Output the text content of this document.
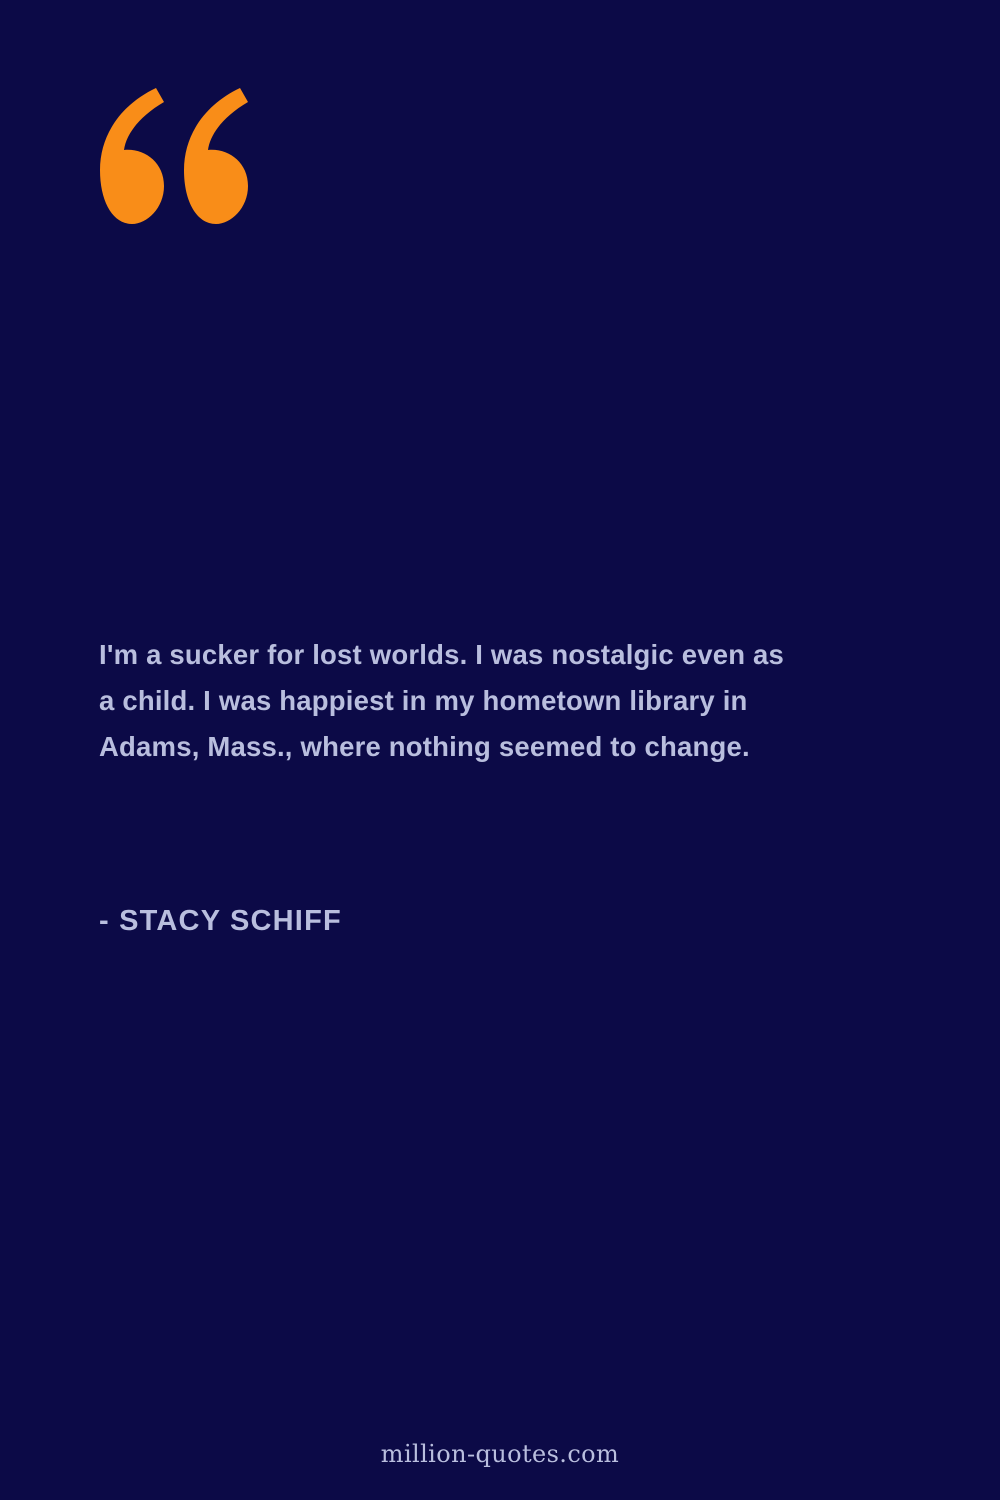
I'm a sucker for lost worlds. I was nostalgic even as a child. I was happiest in my hometown library in Adams, Mass., where nothing seemed to change.
- STACY SCHIFF
million-quotes.com
